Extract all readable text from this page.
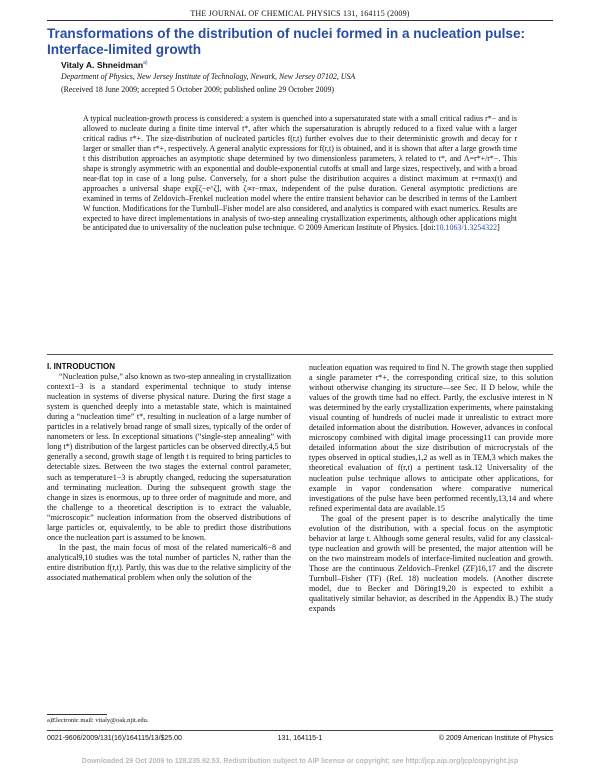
THE JOURNAL OF CHEMICAL PHYSICS 131, 164115 (2009)
Transformations of the distribution of nuclei formed in a nucleation pulse: Interface-limited growth
Vitaly A. Shneidman$^{a)}$
Department of Physics, New Jersey Institute of Technology, Newark, New Jersey 07102, USA
(Received 18 June 2009; accepted 5 October 2009; published online 29 October 2009)
A typical nucleation-growth process is considered: a system is quenched into a supersaturated state with a small critical radius r*− and is allowed to nucleate during a finite time interval t*, after which the supersaturation is abruptly reduced to a fixed value with a larger critical radius r*+. The size-distribution of nucleated particles f(r,t) further evolves due to their deterministic growth and decay for r larger or smaller than r*+, respectively. A general analytic expressions for f(r,t) is obtained, and it is shown that after a large growth time t this distribution approaches an asymptotic shape determined by two dimensionless parameters, λ related to t*, and Λ=r*+/r*−. This shape is strongly asymmetric with an exponential and double-exponential cutoffs at small and large sizes, respectively, and with a broad near-flat top in case of a long pulse. Conversely, for a short pulse the distribution acquires a distinct maximum at r=rmax(t) and approaches a universal shape exp[ζ−e^ζ], with ζ∝r−rmax, independent of the pulse duration. General asymptotic predictions are examined in terms of Zeldovich–Frenkel nucleation model where the entire transient behavior can be described in terms of the Lambert W function. Modifications for the Turnbull–Fisher model are also considered, and analytics is compared with exact numerics. Results are expected to have direct implementations in analysis of two-step annealing crystallization experiments, although other applications might be anticipated due to universality of the nucleation pulse technique. © 2009 American Institute of Physics. [doi:10.1063/1.3254322]

I. INTRODUCTION

“Nucleation pulse,” also known as two-step annealing in crystallization context1−3 is a standard experimental technique to study intense nucleation in systems of diverse physical nature. During the first stage a system is quenched deeply into a metastable state, which is maintained during a “nucleation time” t*, resulting in nucleation of a large number of particles in a relatively broad range of small sizes, typically of the order of nanometers or less. In exceptional situations (“single-step annealing” with long t*) distribution of the largest particles can be observed directly,4,5 but generally a second, growth stage of length t is required to bring particles to detectable sizes. Between the two stages the external control parameter, such as temperature1−3 is abruptly changed, reducing the supersaturation and terminating nucleation. During the subsequent growth stage the change in sizes is enormous, up to three order of magnitude and more, and the challenge to a theoretical description is to extract the valuable, “microscopic” nucleation information from the observed distributions of large particles or, equivalently, to be able to predict those distributions once the nucleation part is assumed to be known.

In the past, the main focus of most of the related numerical6−8 and analytical9,10 studies was the total number of particles N, rather than the entire distribution f(r,t). Partly, this was due to the relative simplicity of the associated mathematical problem when only the solution of the

nucleation equation was required to find N. The growth stage then supplied a single parameter r*+, the corresponding critical size, to this solution without otherwise changing its structure—see Sec. II D below, while the values of the growth time had no effect. Partly, the exclusive interest in N was determined by the early crystallization experiments, where painstaking visual counting of hundreds of nuclei made it unrealistic to extract more detailed information about the distribution. However, advances in confocal microscopy combined with digital image processing11 can provide more detailed information about the size distribution of microcrystals of the types observed in optical studies,1,2 as well as in TEM,3 which makes the theoretical evaluation of f(r,t) a pertinent task.12 Universality of the nucleation pulse technique allows to anticipate other applications, for example in vapor condensation where comparative numerical investigations of the pulse have been performed recently,13,14 and where refined experimental data are available.15

The goal of the present paper is to describe analytically the time evolution of the distribution, with a special focus on the asymptotic behavior at large t. Although some general results, valid for any classical-type nucleation and growth will be presented, the major attention will be on the two mainstream models of interface-limited nucleation and growth. Those are the continuous Zeldovich–Frenkel (ZF)16,17 and the discrete Turnbull–Fisher (TF) (Ref. 18) nucleation models. (Another discrete model, due to Becker and Döring19,20 is expected to exhibit a qualitatively similar behavior, as described in the Appendix B.) The study expands

a)Electronic mail: vitaly@oak.njit.edu.
0021-9606/2009/131(16)/164115/13/$25.00	131, 164115-1	© 2009 American Institute of Physics
Downloaded 29 Oct 2009 to 128.235.92.53. Redistribution subject to AIP license or copyright; see http://jcp.aip.org/jcp/copyright.jsp
